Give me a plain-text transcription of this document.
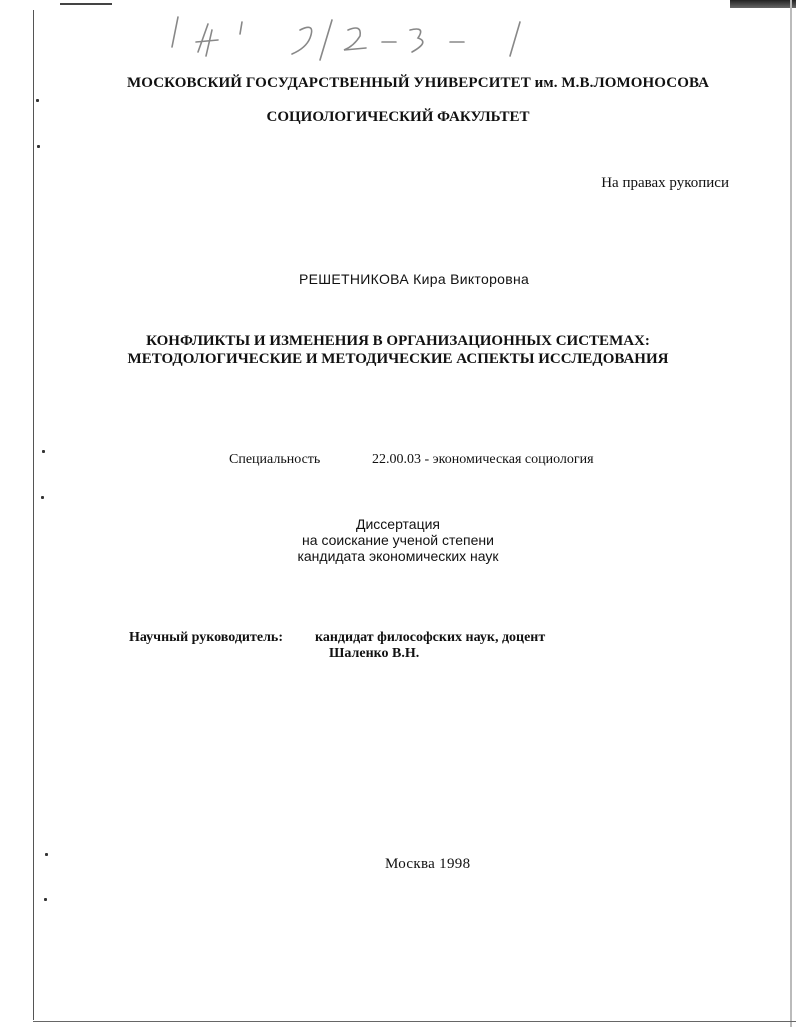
МОСКОВСКИЙ ГОСУДАРСТВЕННЫЙ УНИВЕРСИТЕТ им. М.В.ЛОМОНОСОВА
СОЦИОЛОГИЧЕСКИЙ ФАКУЛЬТЕТ
На правах рукописи
РЕШЕТНИКОВА Кира Викторовна
КОНФЛИКТЫ И ИЗМЕНЕНИЯ В ОРГАНИЗАЦИОННЫХ СИСТЕМАХ:
МЕТОДОЛОГИЧЕСКИЕ И МЕТОДИЧЕСКИЕ АСПЕКТЫ ИССЛЕДОВАНИЯ
Специальность	22.00.03 - экономическая социология
Диссертация
на соискание ученой степени
кандидата экономических наук
Научный руководитель: кандидат философских наук, доцент
Шаленко В.Н.
Москва 1998
